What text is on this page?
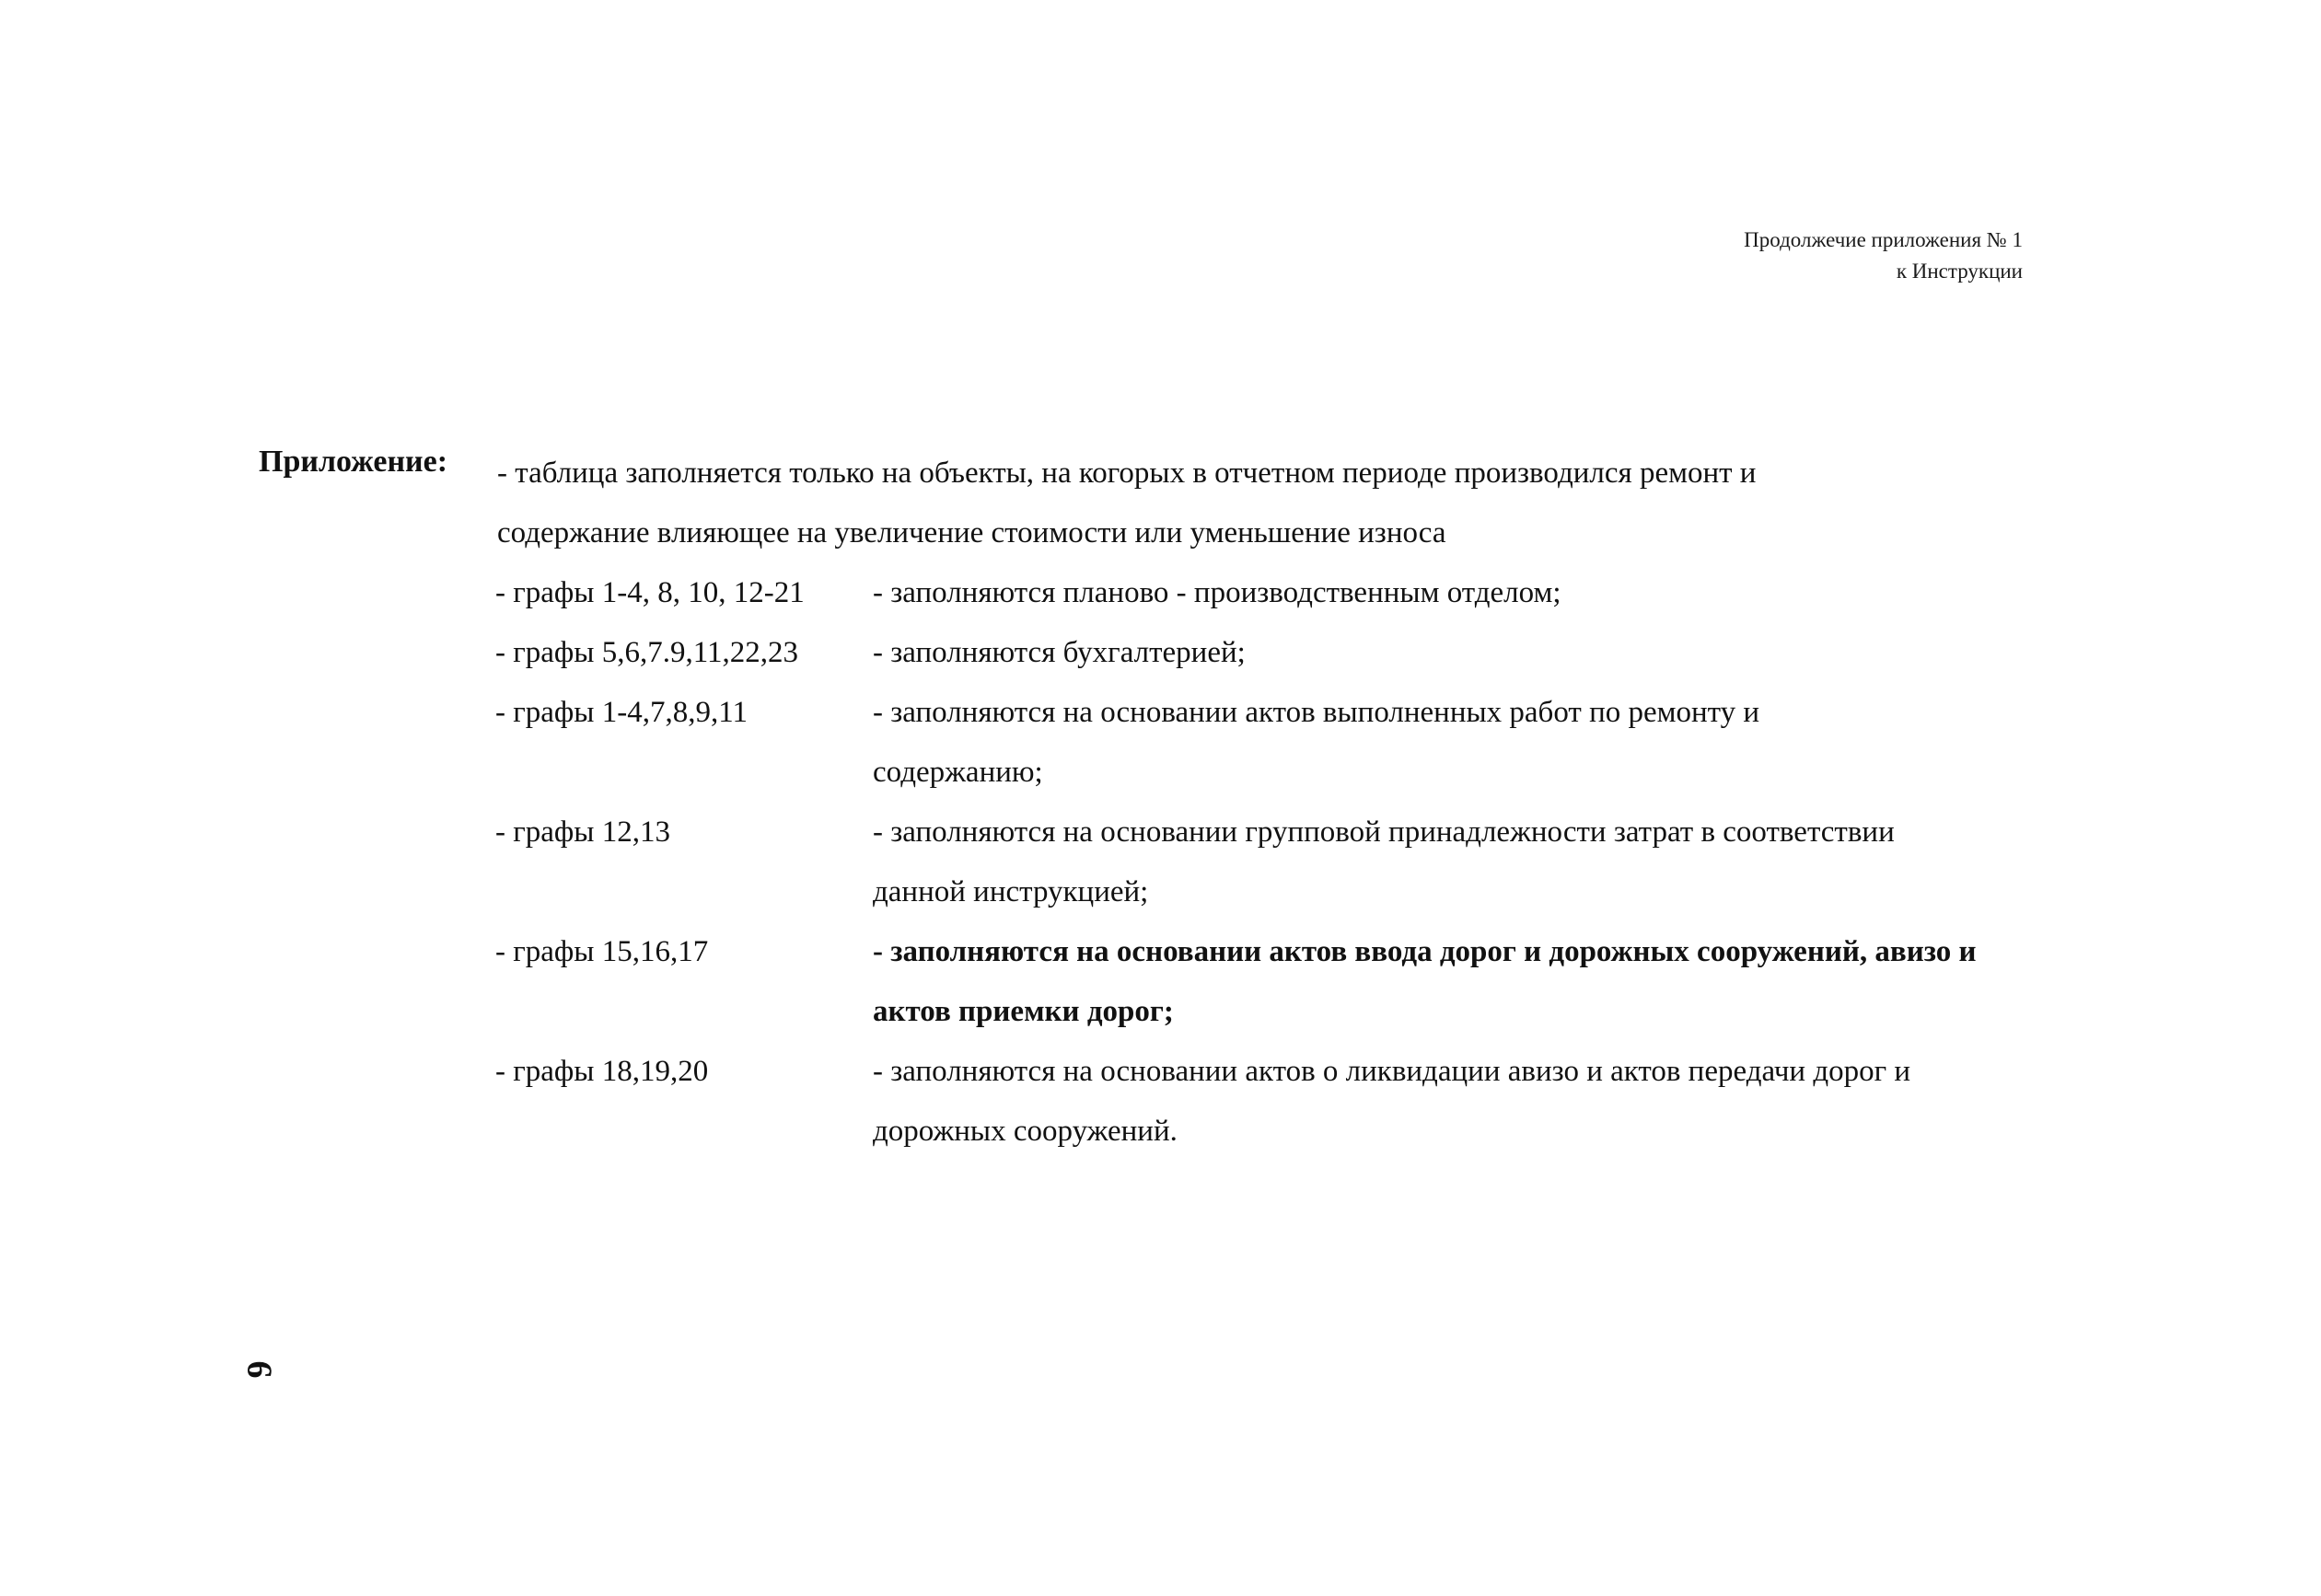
Продолжечие приложения № 1
к Инструкции
Приложение: - таблица заполняется только на объекты, на когорых в отчетном периоде производился ремонт и
содержание влияющее на увеличение стоимости или уменьшение износа
- графы 1-4, 8, 10, 12-21	- заполняются планово - производственным отделом;
- графы 5,6,7.9,11,22,23	- заполняются бухгалтерией;
- графы 1-4,7,8,9,11	- заполняются на основании актов выполненных работ по ремонту и
содержанию;
- графы 12,13	- заполняются на основании групповой принадлежности затрат в соответствии
данной инструкцией;
- графы 15,16,17	- заполняются на основании актов ввода дорог и дорожных сооружений, авизо и
актов приемки дорог;
- графы 18,19,20	- заполняются на основании актов о ликвидации авизо и актов передачи дорог и
дорожных сооружений.
6
